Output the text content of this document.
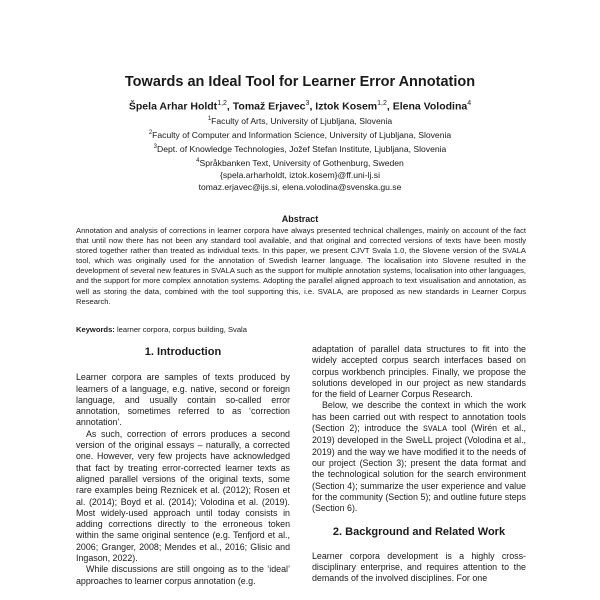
Towards an Ideal Tool for Learner Error Annotation
Špela Arhar Holdt$^{1,2}$, Tomaž Erjavec$^3$, Iztok Kosem$^{1,2}$, Elena Volodina$^4$
$^1$Faculty of Arts, University of Ljubljana, Slovenia
$^2$Faculty of Computer and Information Science, University of Ljubljana, Slovenia
$^3$Dept. of Knowledge Technologies, Jožef Stefan Institute, Ljubljana, Slovenia
$^4$Språkbanken Text, University of Gothenburg, Sweden
{spela.arharholdt, iztok.kosem}@ff.uni-lj.si
tomaz.erjavec@ijs.si, elena.volodina@svenska.gu.se
Abstract
Annotation and analysis of corrections in learner corpora have always presented technical challenges, mainly on account of the fact that until now there has not been any standard tool available, and that original and corrected versions of texts have been mostly stored together rather than treated as individual texts. In this paper, we present CJVT Svala 1.0, the Slovene version of the SVALA tool, which was originally used for the annotation of Swedish learner language. The localisation into Slovene resulted in the development of several new features in SVALA such as the support for multiple annotation systems, localisation into other languages, and the support for more complex annotation systems. Adopting the parallel aligned approach to text visualisation and annotation, as well as storing the data, combined with the tool supporting this, i.e. SVALA, are proposed as new standards in Learner Corpus Research.
Keywords: learner corpora, corpus building, Svala
1. Introduction

Learner corpora are samples of texts produced by learners of a language, e.g. native, second or foreign language, and usually contain so-called error annotation, sometimes referred to as ‘correction annotation’.

As such, correction of errors produces a second version of the original essays – naturally, a corrected one. However, very few projects have acknowledged that fact by treating error-corrected learner texts as aligned parallel versions of the original texts, some rare examples being Reznicek et al. (2012); Rosen et al. (2014); Boyd et al. (2014); Volodina et al. (2019). Most widely-used approach until today consists in adding corrections directly to the erroneous token within the same original sentence (e.g. Tenfjord et al., 2006; Granger, 2008; Mendes et al., 2016; Glisic and Ingason, 2022).

While discussions are still ongoing as to the ‘ideal’ approaches to learner corpus annotation (e.g.

adaptation of parallel data structures to fit into the widely accepted corpus search interfaces based on corpus workbench principles. Finally, we propose the solutions developed in our project as new standards for the field of Learner Corpus Research.

Below, we describe the context in which the work has been carried out with respect to annotation tools (Section 2); introduce the SVALA tool (Wirén et al., 2019) developed in the SweLL project (Volodina et al., 2019) and the way we have modified it to the needs of our project (Section 3); present the data format and the technological solution for the search environment (Section 4); summarize the user experience and value for the community (Section 5); and outline future steps (Section 6).

2. Background and Related Work

Learner corpora development is a highly cross-disciplinary enterprise, and requires attention to the demands of the involved disciplines. For one
